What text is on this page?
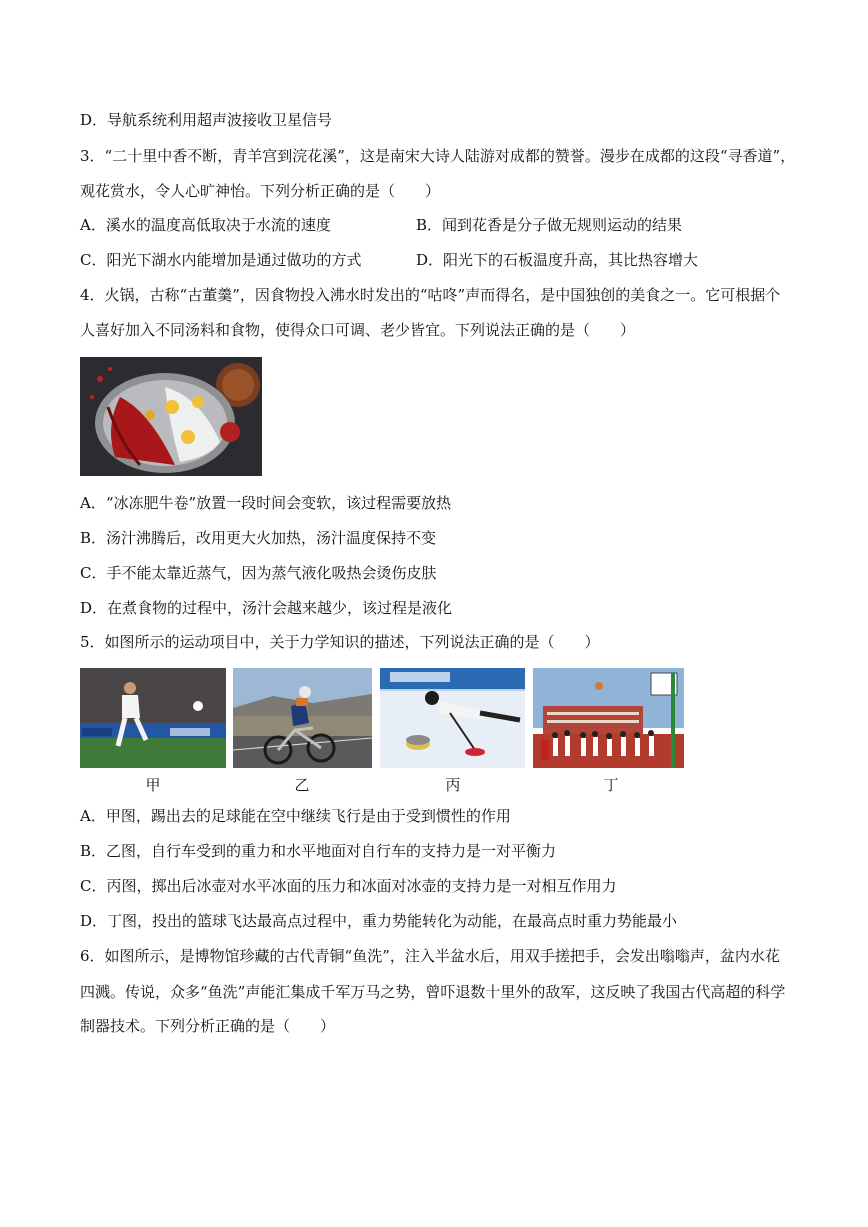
D．导航系统利用超声波接收卫星信号
3．“二十里中香不断，青羊宫到浣花溪”，这是南宋大诗人陆游对成都的赞誉。漫步在成都的这段“寻香道”，
观花赏水，令人心旷神怡。下列分析正确的是（　　）
A．溪水的温度高低取决于水流的速度	B．闻到花香是分子做无规则运动的结果
C．阳光下湖水内能增加是通过做功的方式	D．阳光下的石板温度升高，其比热容增大
4．火锅，古称“古董羹”，因食物投入沸水时发出的“咕咚”声而得名，是中国独创的美食之一。它可根据个
人喜好加入不同汤料和食物，使得众口可调、老少皆宜。下列说法正确的是（　　）
A．“冰冻肥牛卷”放置一段时间会变软，该过程需要放热
B．汤汁沸腾后，改用更大火加热，汤汁温度保持不变
C．手不能太靠近蒸气，因为蒸气液化吸热会烫伤皮肤
D．在煮食物的过程中，汤汁会越来越少，该过程是液化
5．如图所示的运动项目中，关于力学知识的描述，下列说法正确的是（　　）
甲	乙	丙	丁
A．甲图，踢出去的足球能在空中继续飞行是由于受到惯性的作用
B．乙图，自行车受到的重力和水平地面对自行车的支持力是一对平衡力
C．丙图，掷出后冰壶对水平冰面的压力和冰面对冰壶的支持力是一对相互作用力
D．丁图，投出的篮球飞达最高点过程中，重力势能转化为动能，在最高点时重力势能最小
6．如图所示，是博物馆珍藏的古代青铜“鱼洗”，注入半盆水后，用双手搓把手，会发出嗡嗡声，盆内水花
四溅。传说，众多“鱼洗”声能汇集成千军万马之势，曾吓退数十里外的敌军，这反映了我国古代高超的科学
制器技术。下列分析正确的是（　　）
